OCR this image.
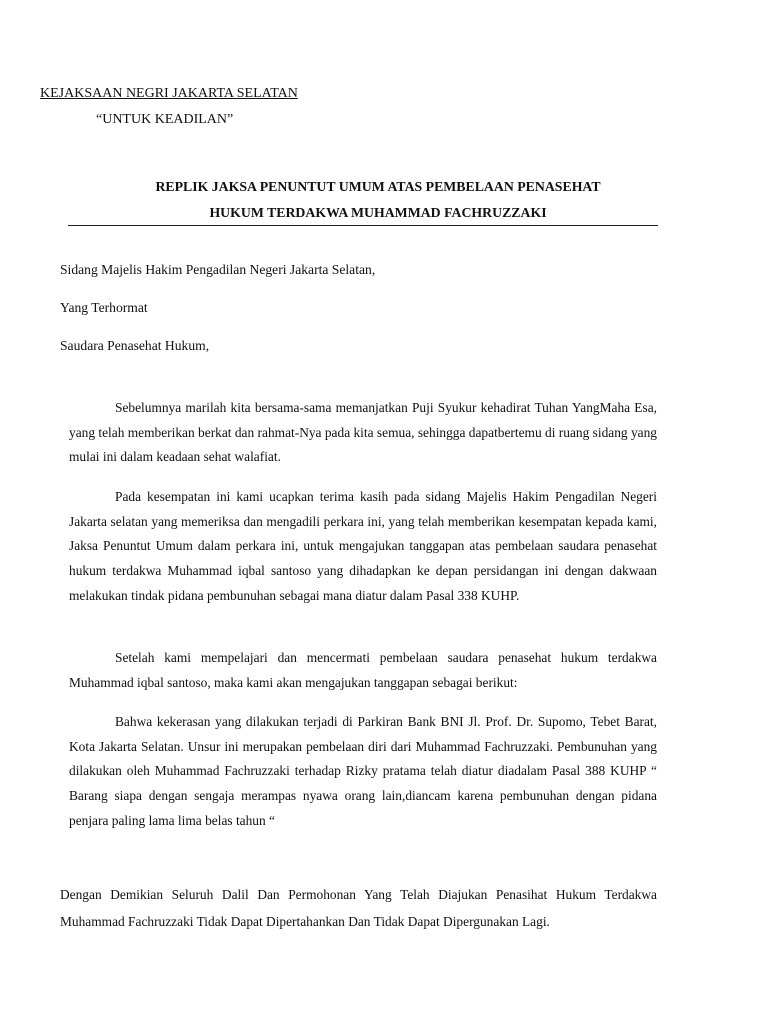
KEJAKSAAN NEGRI JAKARTA SELATAN
“UNTUK KEADILAN”
REPLIK JAKSA PENUNTUT UMUM ATAS PEMBELAAN PENASEHAT
HUKUM TERDAKWA MUHAMMAD FACHRUZZAKI
Sidang Majelis Hakim Pengadilan Negeri Jakarta Selatan,
Yang Terhormat
Saudara Penasehat Hukum,

Sebelumnya marilah kita bersama-sama memanjatkan Puji Syukur kehadirat Tuhan YangMaha Esa, yang telah memberikan berkat dan rahmat-Nya pada kita semua, sehingga dapatbertemu di ruang sidang yang mulai ini dalam keadaan sehat walafiat.

Pada kesempatan ini kami ucapkan terima kasih pada sidang Majelis Hakim Pengadilan Negeri Jakarta selatan yang memeriksa dan mengadili perkara ini, yang telah memberikan kesempatan kepada kami, Jaksa Penuntut Umum dalam perkara ini, untuk mengajukan tanggapan atas pembelaan saudara penasehat hukum terdakwa Muhammad iqbal santoso yang dihadapkan ke depan persidangan ini dengan dakwaan melakukan tindak pidana pembunuhan sebagai mana diatur dalam Pasal 338 KUHP.

Setelah kami mempelajari dan mencermati pembelaan saudara penasehat hukum terdakwa Muhammad iqbal santoso, maka kami akan mengajukan tanggapan sebagai berikut:

Bahwa kekerasan yang dilakukan terjadi di Parkiran Bank BNI Jl. Prof. Dr. Supomo, Tebet Barat, Kota Jakarta Selatan. Unsur ini merupakan pembelaan diri dari Muhammad Fachruzzaki. Pembunuhan yang dilakukan oleh Muhammad Fachruzzaki terhadap Rizky pratama telah diatur diadalam Pasal 388 KUHP “ Barang siapa dengan sengaja merampas nyawa orang lain,diancam karena pembunuhan dengan pidana penjara paling lama lima belas tahun “

Dengan Demikian Seluruh Dalil Dan Permohonan Yang Telah Diajukan Penasihat Hukum Terdakwa Muhammad Fachruzzaki Tidak Dapat Dipertahankan Dan Tidak Dapat Dipergunakan Lagi.
